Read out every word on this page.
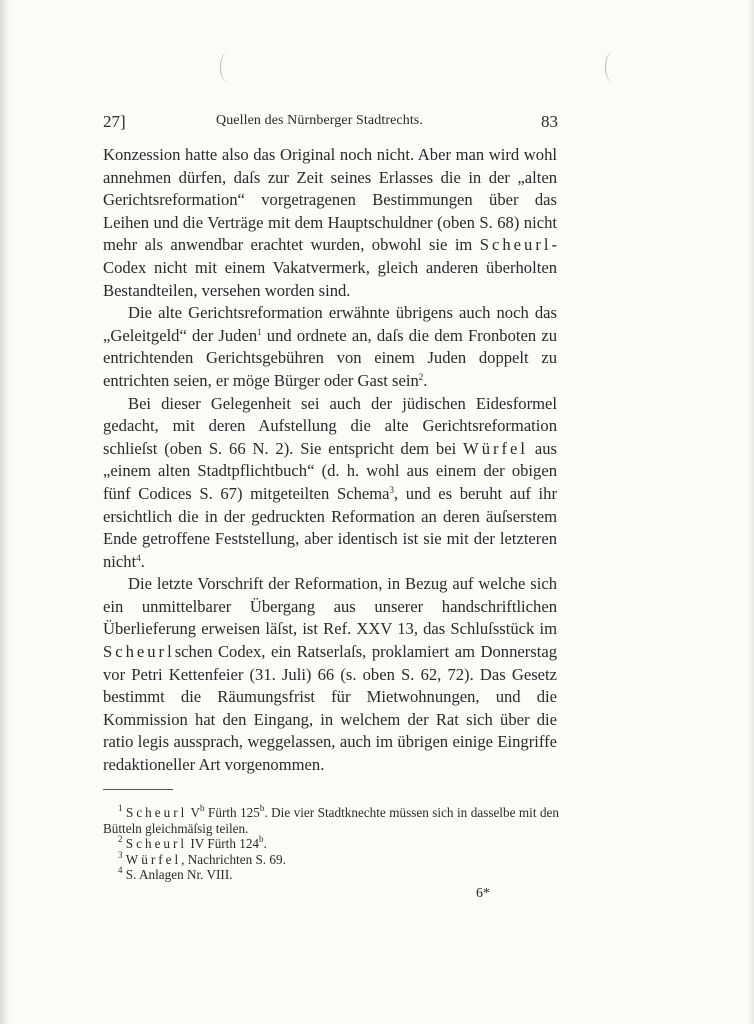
27]	Quellen des Nürnberger Stadtrechts.	83

Konzession hatte also das Original noch nicht. Aber man wird wohl annehmen dürfen, daſs zur Zeit seines Erlasses die in der „alten Gerichtsreformation“ vorgetragenen Bestimmungen über das Leihen und die Verträge mit dem Hauptschuldner (oben S. 68) nicht mehr als anwendbar erachtet wurden, obwohl sie im Scheurl-Codex nicht mit einem Vakatvermerk, gleich anderen überholten Bestandteilen, versehen worden sind.

Die alte Gerichtsreformation erwähnte übrigens auch noch das „Geleitgeld“ der Juden$^1$ und ordnete an, daſs die dem Fronboten zu entrichtenden Gerichtsgebühren von einem Juden doppelt zu entrichten seien, er möge Bürger oder Gast sein$^2$.

Bei dieser Gelegenheit sei auch der jüdischen Eidesformel gedacht, mit deren Aufstellung die alte Gerichtsreformation schlieſst (oben S. 66 N. 2). Sie entspricht dem bei Würfel aus „einem alten Stadtpflichtbuch“ (d. h. wohl aus einem der obigen fünf Codices S. 67) mitgeteilten Schema$^3$, und es beruht auf ihr ersichtlich die in der gedruckten Reformation an deren äuſserstem Ende getroffene Feststellung, aber identisch ist sie mit der letzteren nicht$^4$.

Die letzte Vorschrift der Reformation, in Bezug auf welche sich ein unmittelbarer Übergang aus unserer handschriftlichen Überlieferung erweisen läſst, ist Ref. XXV 13, das Schluſsstück im Scheurlschen Codex, ein Ratserlaſs, proklamiert am Donnerstag vor Petri Kettenfeier (31. Juli) 66 (s. oben S. 62, 72). Das Gesetz bestimmt die Räumungsfrist für Mietwohnungen, und die Kommission hat den Eingang, in welchem der Rat sich über die ratio legis aussprach, weggelassen, auch im übrigen einige Eingriffe redaktioneller Art vorgenommen.

$^1$ Scheurl $V^b$ Fürth 125$^b$. Die vier Stadtknechte müssen sich in dasselbe mit den Bütteln gleichmäſsig teilen.

$^2$ Scheurl IV Fürth 124$^b$.

$^3$ Würfel, Nachrichten S. 69.

$^4$ S. Anlagen Nr. VIII.

6*
